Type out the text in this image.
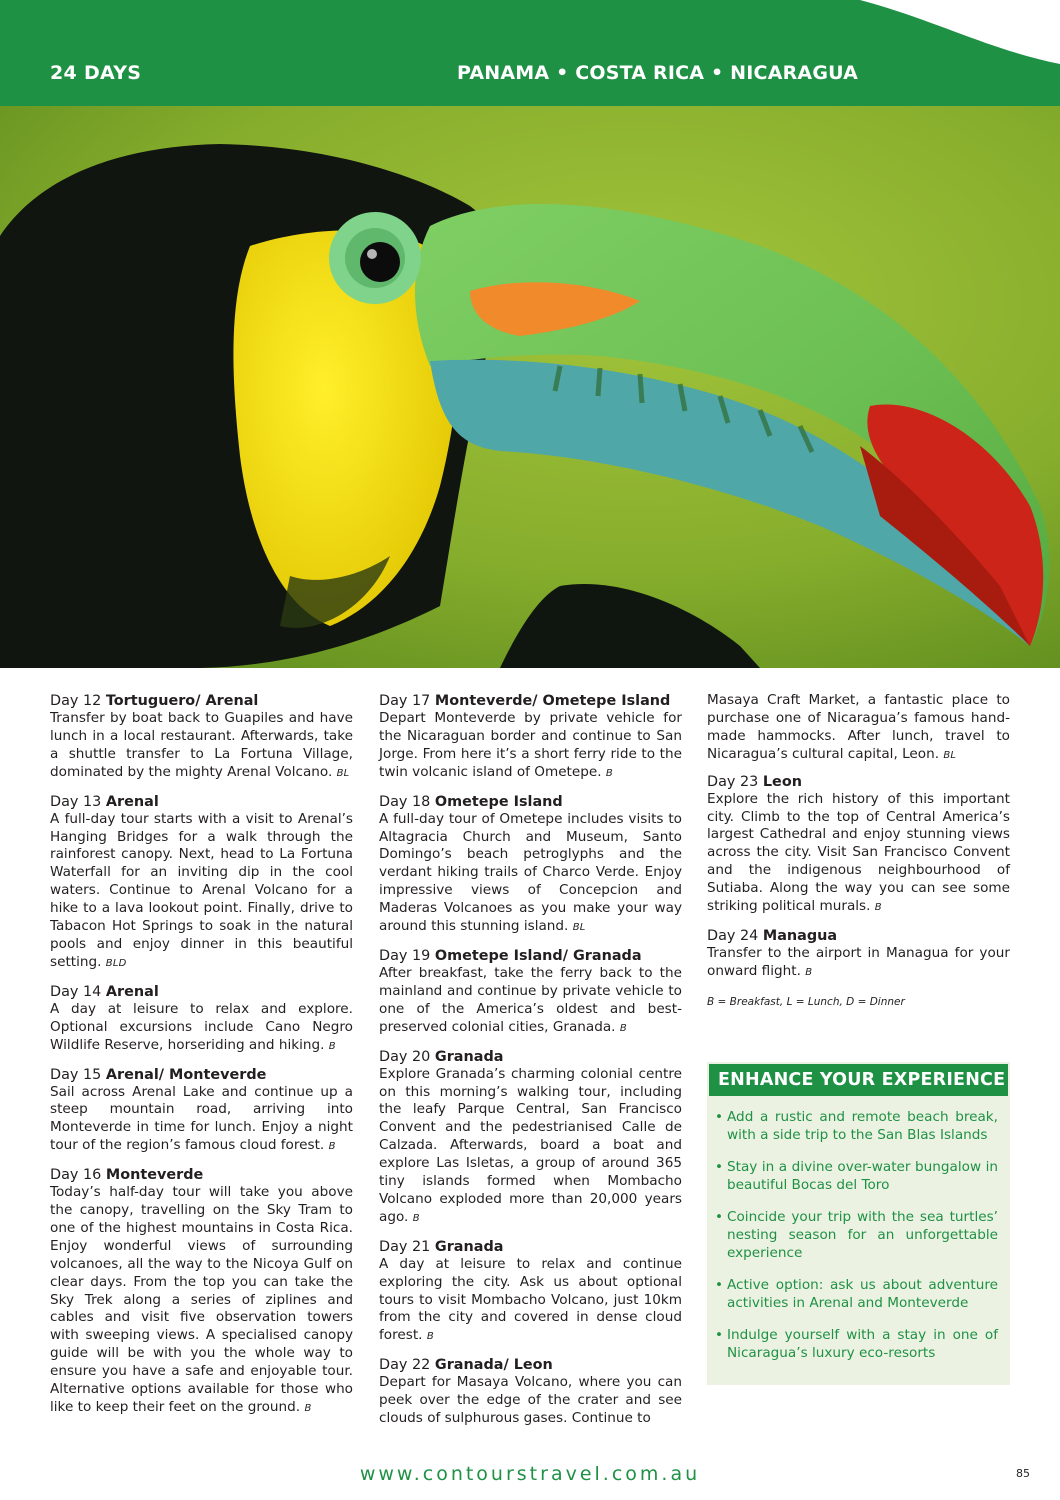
24 DAYS	PANAMA • COSTA RICA • NICARAGUA
Day 12 Tortuguero/ Arenal
Transfer by boat back to Guapiles and have lunch in a local restaurant. Afterwards, take a shuttle transfer to La Fortuna Village, dominated by the mighty Arenal Volcano. BL
Day 13 Arenal
A full-day tour starts with a visit to Arenal’s Hanging Bridges for a walk through the rainforest canopy. Next, head to La Fortuna Waterfall for an inviting dip in the cool waters. Continue to Arenal Volcano for a hike to a lava lookout point. Finally, drive to Tabacon Hot Springs to soak in the natural pools and enjoy dinner in this beautiful setting. BLD
Day 14 Arenal
A day at leisure to relax and explore. Optional excursions include Cano Negro Wildlife Reserve, horseriding and hiking. B
Day 15 Arenal/ Monteverde
Sail across Arenal Lake and continue up a steep mountain road, arriving into Monteverde in time for lunch. Enjoy a night tour of the region’s famous cloud forest. B
Day 16 Monteverde
Today’s half-day tour will take you above the canopy, travelling on the Sky Tram to one of the highest mountains in Costa Rica. Enjoy wonderful views of surrounding volcanoes, all the way to the Nicoya Gulf on clear days. From the top you can take the Sky Trek along a series of ziplines and cables and visit five observation towers with sweeping views. A specialised canopy guide will be with you the whole way to ensure you have a safe and enjoyable tour. Alternative options available for those who like to keep their feet on the ground. B
Day 17 Monteverde/ Ometepe Island
Depart Monteverde by private vehicle for the Nicaraguan border and continue to San Jorge. From here it’s a short ferry ride to the twin volcanic island of Ometepe. B
Day 18 Ometepe Island
A full-day tour of Ometepe includes visits to Altagracia Church and Museum, Santo Domingo’s beach petroglyphs and the verdant hiking trails of Charco Verde. Enjoy impressive views of Concepcion and Maderas Volcanoes as you make your way around this stunning island. BL
Day 19 Ometepe Island/ Granada
After breakfast, take the ferry back to the mainland and continue by private vehicle to one of the America’s oldest and best-preserved colonial cities, Granada. B
Day 20 Granada
Explore Granada’s charming colonial centre on this morning’s walking tour, including the leafy Parque Central, San Francisco Convent and the pedestrianised Calle de Calzada. Afterwards, board a boat and explore Las Isletas, a group of around 365 tiny islands formed when Mombacho Volcano exploded more than 20,000 years ago. B
Day 21 Granada
A day at leisure to relax and continue exploring the city. Ask us about optional tours to visit Mombacho Volcano, just 10km from the city and covered in dense cloud forest. B
Day 22 Granada/ Leon
Depart for Masaya Volcano, where you can peek over the edge of the crater and see clouds of sulphurous gases. Continue to
Masaya Craft Market, a fantastic place to purchase one of Nicaragua’s famous hand-made hammocks. After lunch, travel to Nicaragua’s cultural capital, Leon. BL
Day 23 Leon
Explore the rich history of this important city. Climb to the top of Central America’s largest Cathedral and enjoy stunning views across the city. Visit San Francisco Convent and the indigenous neighbourhood of Sutiaba. Along the way you can see some striking political murals. B
Day 24 Managua
Transfer to the airport in Managua for your onward flight. B
B = Breakfast, L = Lunch, D = Dinner
ENHANCE YOUR EXPERIENCE
• Add a rustic and remote beach break, with a side trip to the San Blas Islands
• Stay in a divine over-water bungalow in beautiful Bocas del Toro
• Coincide your trip with the sea turtles’ nesting season for an unforgettable experience
• Active option: ask us about adventure activities in Arenal and Monteverde
• Indulge yourself with a stay in one of Nicaragua’s luxury eco-resorts
www.contourstravel.com.au	85
